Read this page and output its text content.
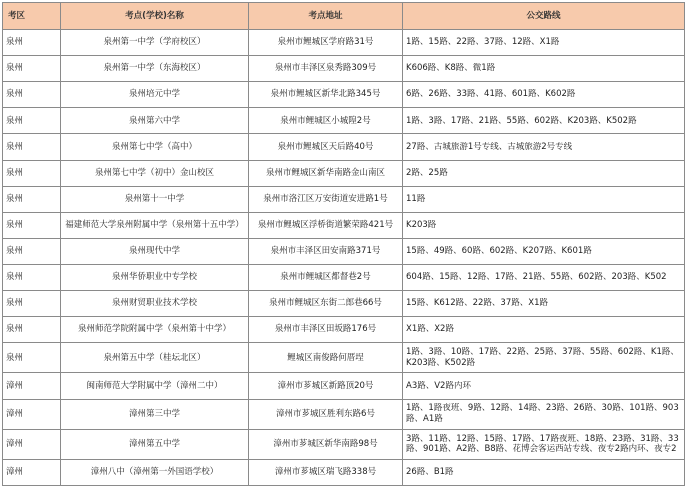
考区	考点(学校)名称	考点地址	公交路线
泉州	泉州第一中学（学府校区）	泉州市鲤城区学府路31号	1路、15路、22路、37路、12路、X1路

泉州	泉州第一中学（东海校区）	泉州市丰泽区泉秀路309号	K606路、K8路、微1路

泉州	泉州培元中学	泉州市鲤城区新华北路345号	6路、26路、33路、41路、601路、K602路

泉州	泉州第六中学	泉州市鲤城区小城隍2号	1路、3路、17路、21路、55路、602路、K203路、K502路

泉州	泉州第七中学（高中）	泉州市鲤城区天后路40号	27路、古城旅游1号专线、古城旅游2号专线

泉州	泉州第七中学（初中）金山校区	泉州市鲤城区新华南路金山南区	2路、25路

泉州	泉州第十一中学	泉州市洛江区万安街道安进路1号	11路

泉州	福建师范大学泉州附属中学（泉州第十五中学）	泉州市鲤城区浮桥街道繁荣路421号	K203路

泉州	泉州现代中学	泉州市丰泽区田安南路371号	15路、49路、60路、602路、K207路、K601路

泉州	泉州华侨职业中专学校	泉州市鲤城区都督巷2号	604路、15路、12路、17路、21路、55路、602路、203路、K502

泉州	泉州财贸职业技术学校	泉州市鲤城区东街二郎巷66号	15路、K612路、22路、37路、X1路

泉州	泉州师范学院附属中学（泉州第十中学）	泉州市丰泽区田坂路176号	X1路、X2路

泉州	泉州第五中学（桂坛北区）	鲤城区南俊路何厝埕	1路、3路、10路、17路、22路、25路、37路、55路、602路、K1路、K203路、K502路

漳州	闽南师范大学附属中学（漳州二中）	漳州市芗城区新路顶20号	A3路、V2路内环

漳州	漳州第三中学	漳州市芗城区胜利东路6号	1路、1路夜班、9路、12路、14路、23路、26路、30路、101路、903路、A1路

漳州	漳州第五中学	漳州市芗城区新华南路98号	3路、11路、12路、15路、17路、17路夜班、18路、23路、31路、33路、901路、A2路、B8路、花博会客运西站专线、夜专2路内环、夜专2

漳州	漳州八中（漳州第一外国语学校）	漳州市芗城区瑞飞路338号	26路、B1路
